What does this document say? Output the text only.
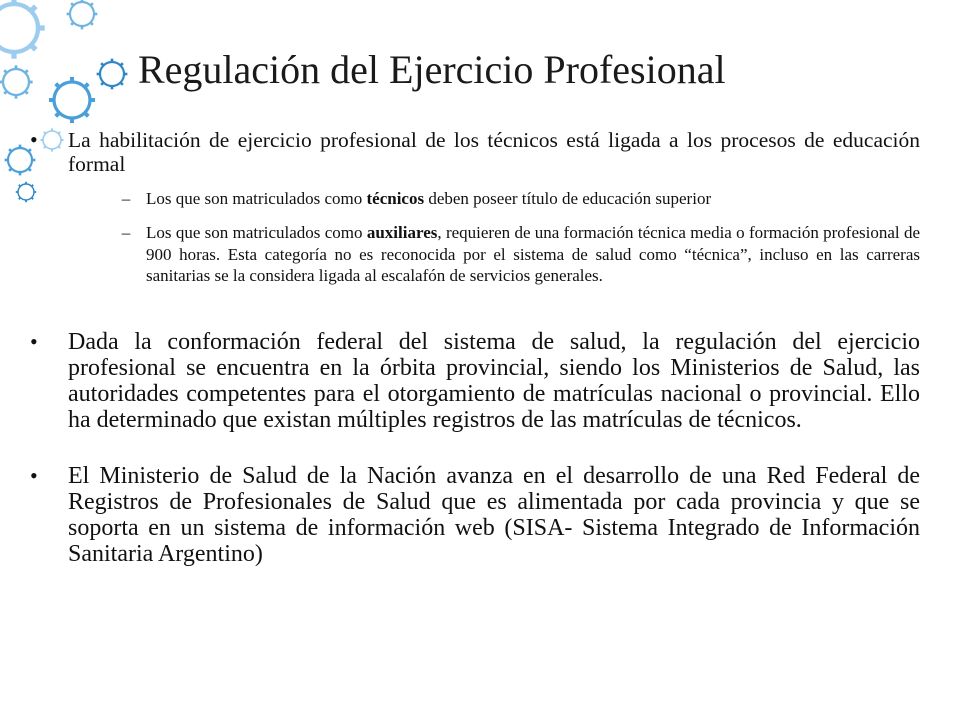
Regulación del Ejercicio Profesional
•	La habilitación de ejercicio profesional de los técnicos está ligada a los procesos de educación formal
– Los que son matriculados como técnicos deben poseer título de educación superior
– Los que son matriculados como auxiliares, requieren de una formación técnica media o formación profesional de 900 horas. Esta categoría no es reconocida por el sistema de salud como “técnica”, incluso en las carreras sanitarias se la considera ligada al escalafón de servicios generales.
•	Dada la conformación federal del sistema de salud, la regulación del ejercicio profesional se encuentra en la órbita provincial, siendo los Ministerios de Salud, las autoridades competentes para el otorgamiento de matrículas nacional o provincial. Ello ha determinado que existan múltiples registros de las matrículas de técnicos.
•	El Ministerio de Salud de la Nación avanza en el desarrollo de una Red Federal de Registros de Profesionales de Salud que es alimentada por cada provincia y que se soporta en un sistema de información web (SISA- Sistema Integrado de Información Sanitaria Argentino)
